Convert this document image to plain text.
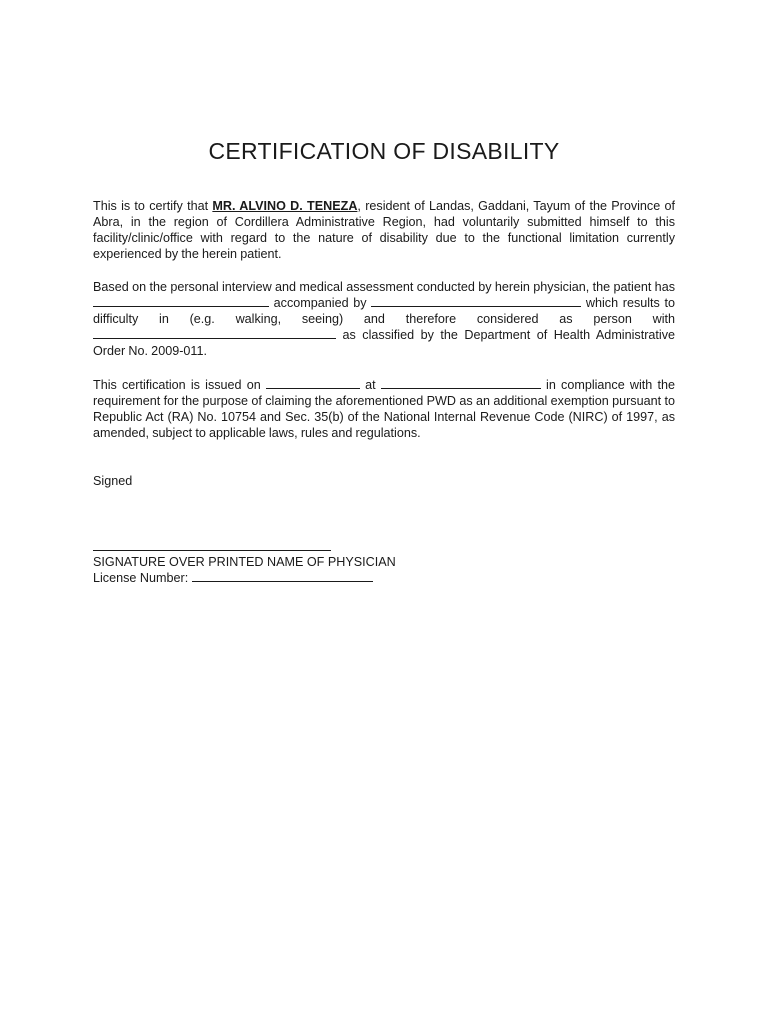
CERTIFICATION OF DISABILITY

This is to certify that MR. ALVINO D. TENEZA, resident of Landas, Gaddani, Tayum of the Province of Abra, in the region of Cordillera Administrative Region, had voluntarily submitted himself to this facility/clinic/office with regard to the nature of disability due to the functional limitation currently experienced by the herein patient.

Based on the personal interview and medical assessment conducted by herein physician, the patient has  accompanied by	which results to difficulty in (e.g. walking, seeing) and therefore considered as person with  as classified by the Department of Health Administrative Order No. 2009-011.

This certification is issued on	at	in compliance with the requirement for the purpose of claiming the aforementioned PWD as an additional exemption pursuant to Republic Act (RA) No. 10754 and Sec. 35(b) of the National Internal Revenue Code (NIRC) of 1997, as amended, subject to applicable laws, rules and regulations.

Signed

SIGNATURE OVER PRINTED NAME OF PHYSICIAN

License Number:
